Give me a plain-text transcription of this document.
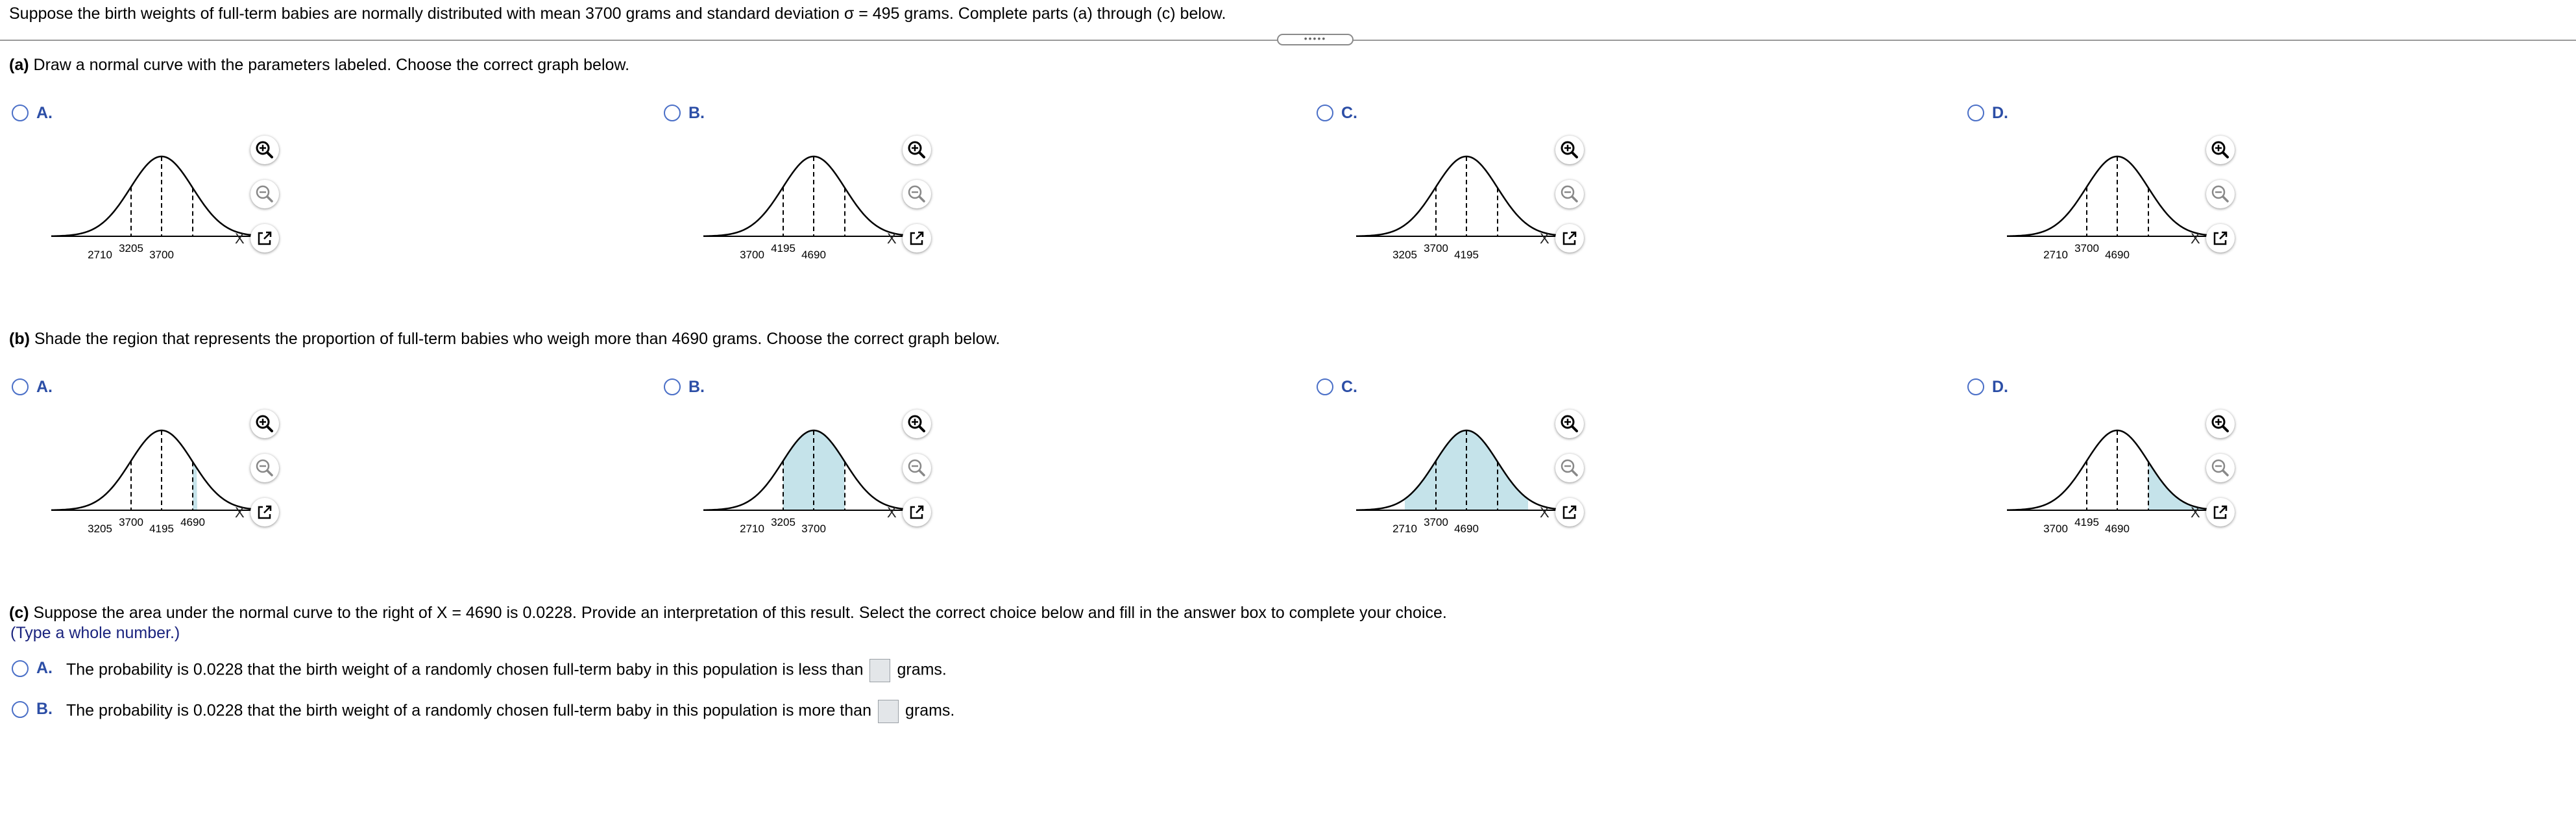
Suppose the birth weights of full-term babies are normally distributed with mean 3700 grams and standard deviation σ = 495 grams. Complete parts (a) through (c) below.
•••••
(a) Draw a normal curve with the parameters labeled. Choose the correct graph below.
A.
2710
3205
3700
X
B.
3700
4195
4690
X
C.
3205
3700
4195
X
D.
2710
3700
4690
X
(b) Shade the region that represents the proportion of full-term babies who weigh more than 4690 grams. Choose the correct graph below.
A.
3205
3700
4195
4690
X
B.
2710
3205
3700
X
C.
2710
3700
4690
X
D.
3700
4195
4690
X
(c) Suppose the area under the normal curve to the right of X = 4690 is 0.0228. Provide an interpretation of this result. Select the correct choice below and fill in the answer box to complete your choice.
(Type a whole number.)
A. The probability is 0.0228 that the birth weight of a randomly chosen full-term baby in this population is less than grams.
B. The probability is 0.0228 that the birth weight of a randomly chosen full-term baby in this population is more than grams.
